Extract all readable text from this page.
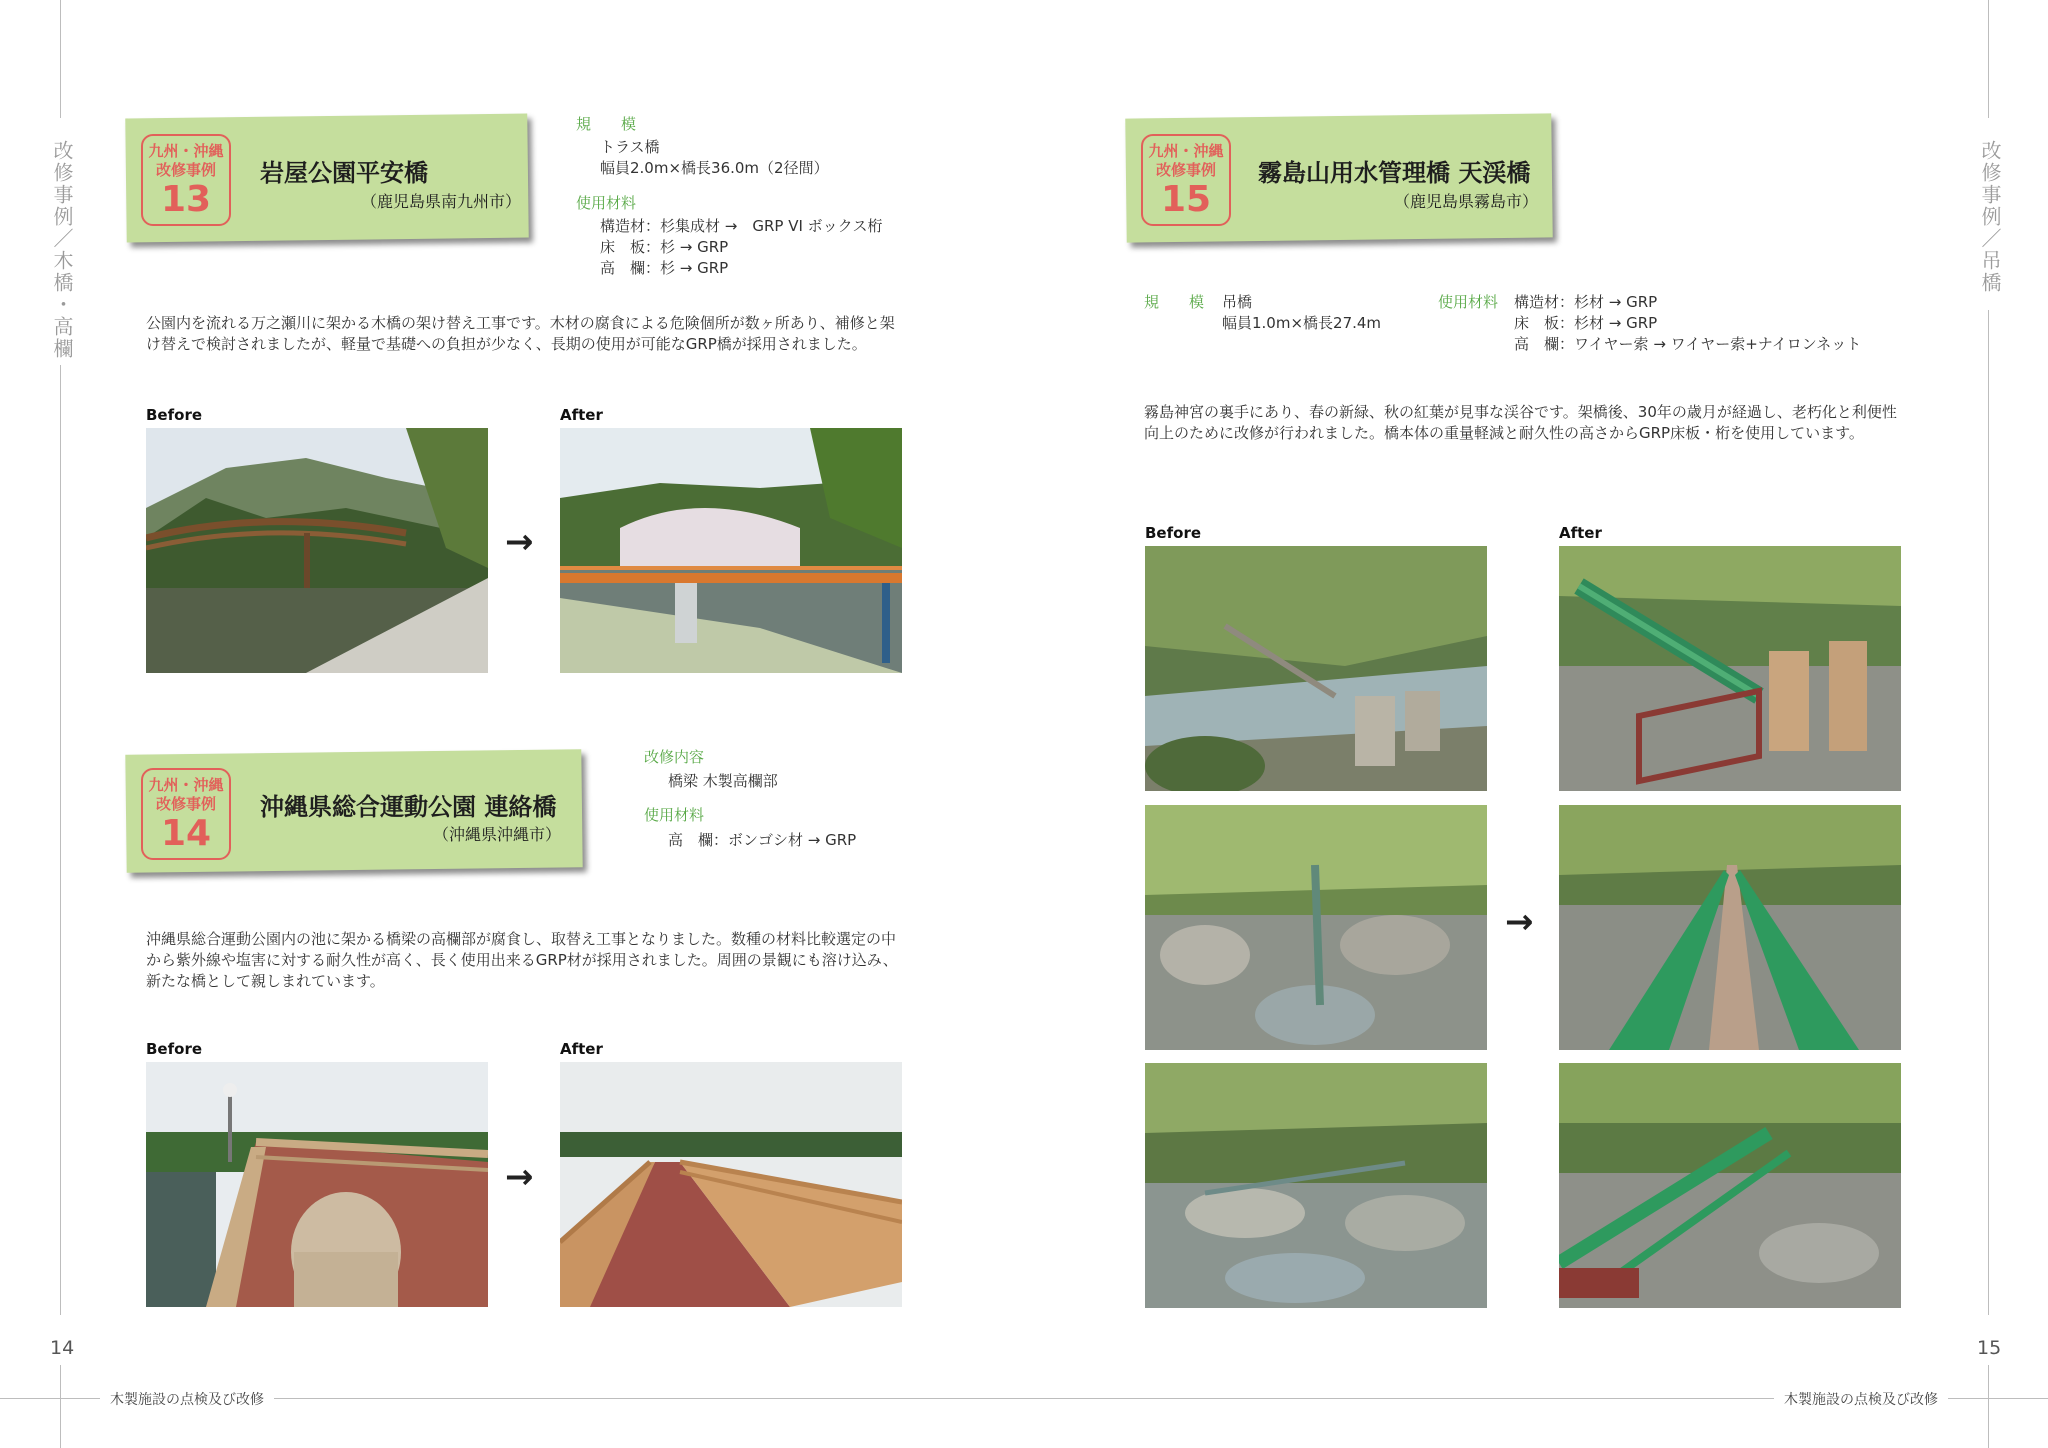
改修事例／木橋・高欄	改修事例／吊橋
14	15
木製施設の点検及び改修	木製施設の点検及び改修
九州・沖縄
改修事例
13
岩屋公園平安橋
（鹿児島県南九州市）
規　　模
トラス橋
幅員2.0m×橋長36.0m（2径間）
使用材料
構造材：杉集成材 →　GRP VI ボックス桁
床　板：杉 → GRP
高　欄：杉 → GRP
公園内を流れる万之瀬川に架かる木橋の架け替え工事です。木材の腐食による危険個所が数ヶ所あり、補修と架け替えで検討されましたが、軽量で基礎への負担が少なく、長期の使用が可能なGRP橋が採用されました。
Before	After
→
九州・沖縄
改修事例
14
沖縄県総合運動公園 連絡橋
（沖縄県沖縄市）
改修内容
橋梁 木製高欄部
使用材料
高　欄：ボンゴシ材 → GRP
沖縄県総合運動公園内の池に架かる橋梁の高欄部が腐食し、取替え工事となりました。数種の材料比較選定の中から紫外線や塩害に対する耐久性が高く、長く使用出来るGRP材が採用されました。周囲の景観にも溶け込み、新たな橋として親しまれています。
Before	After
→
九州・沖縄
改修事例
15
霧島山用水管理橋 天渓橋
（鹿児島県霧島市）
規　　模 吊橋
幅員1.0m×橋長27.4m
使用材料 構造材：杉材 → GRP
床　板：杉材 → GRP
高　欄：ワイヤー索 → ワイヤー索+ナイロンネット
霧島神宮の裏手にあり、春の新緑、秋の紅葉が見事な渓谷です。架橋後、30年の歳月が経過し、老朽化と利便性向上のために改修が行われました。橋本体の重量軽減と耐久性の高さからGRP床板・桁を使用しています。
Before	After
→
